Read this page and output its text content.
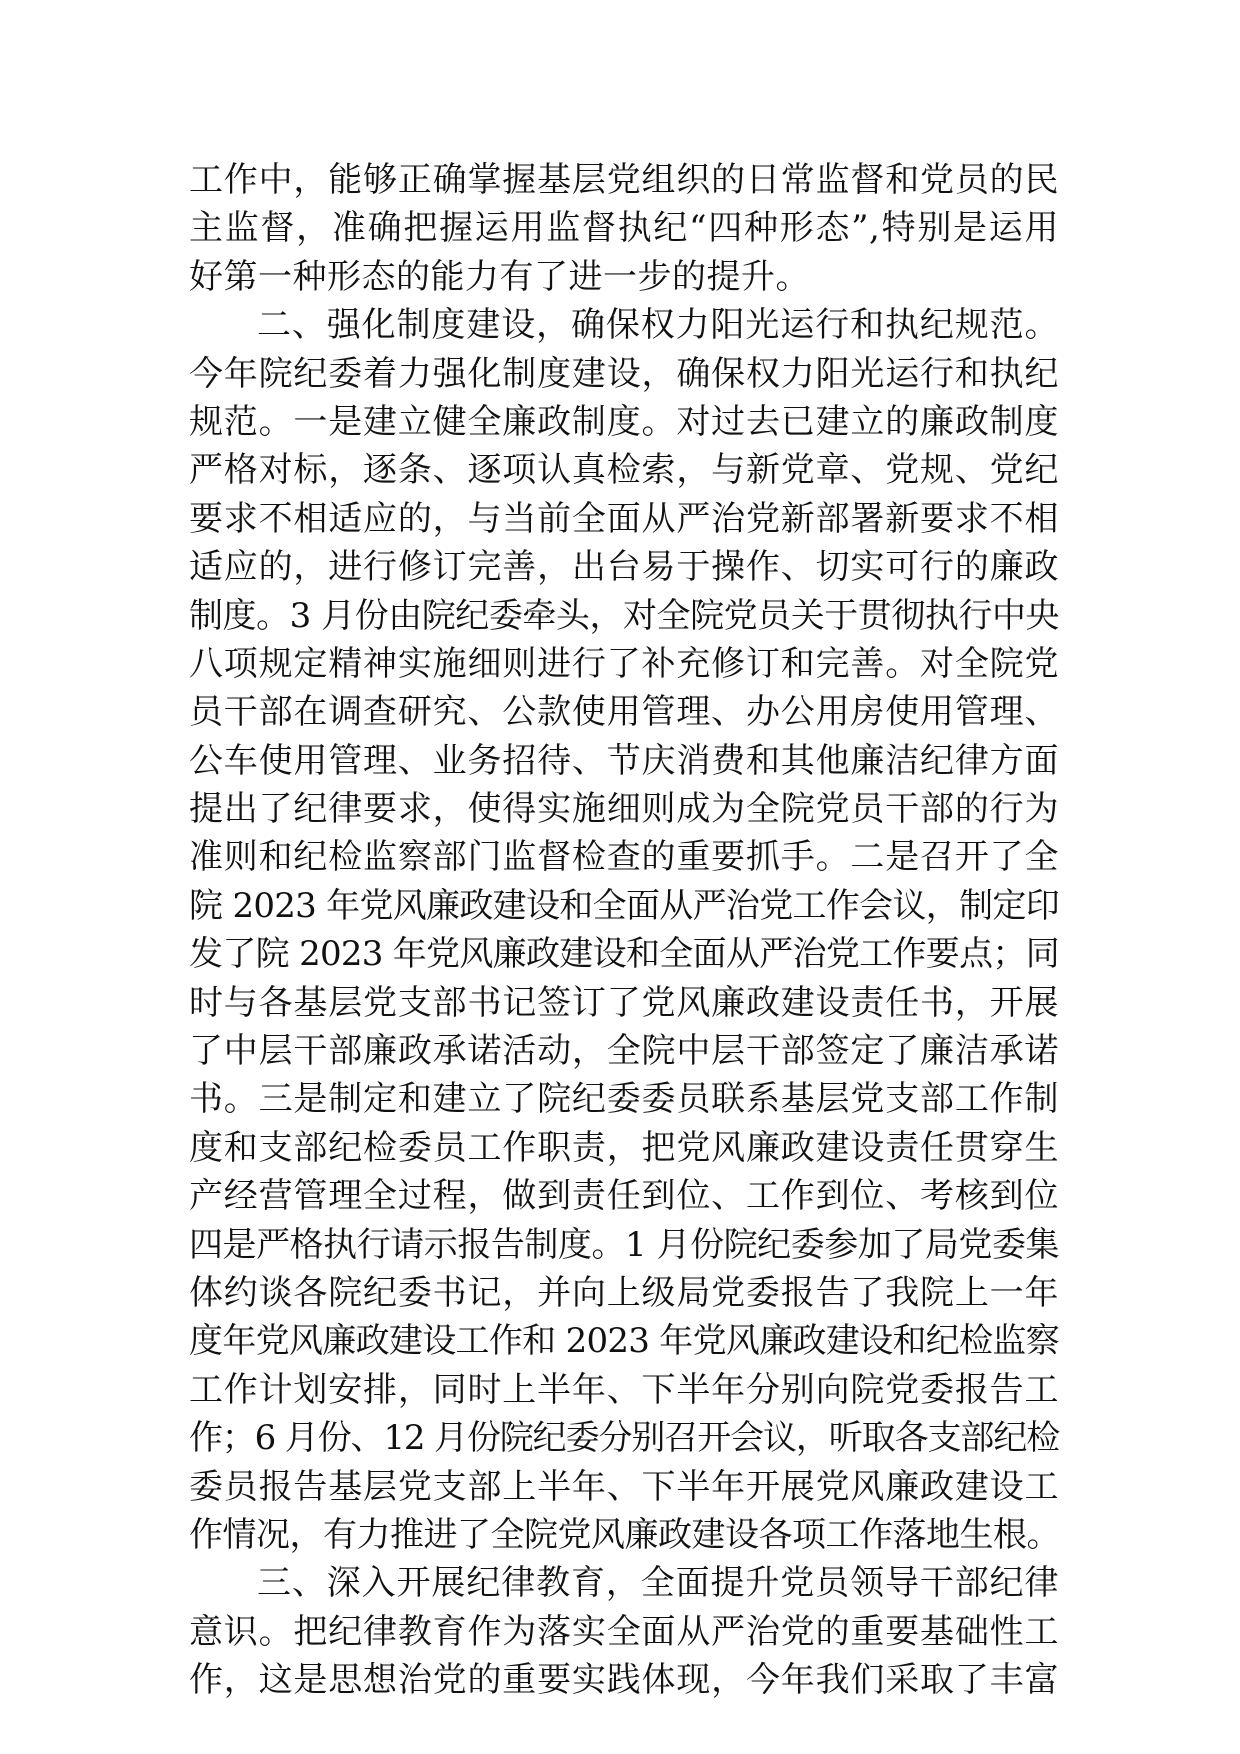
工作中，能够正确掌握基层党组织的日常监督和党员的民
主监督，准确把握运用监督执纪“四种形态”,特别是运用
好第一种形态的能力有了进一步的提升。
二、强化制度建设，确保权力阳光运行和执纪规范。
今年院纪委着力强化制度建设，确保权力阳光运行和执纪
规范。一是建立健全廉政制度。对过去已建立的廉政制度
严格对标，逐条、逐项认真检索，与新党章、党规、党纪
要求不相适应的，与当前全面从严治党新部署新要求不相
适应的，进行修订完善，出台易于操作、切实可行的廉政
制度。3 月份由院纪委牵头，对全院党员关于贯彻执行中央
八项规定精神实施细则进行了补充修订和完善。对全院党
员干部在调查研究、公款使用管理、办公用房使用管理、
公车使用管理、业务招待、节庆消费和其他廉洁纪律方面
提出了纪律要求，使得实施细则成为全院党员干部的行为
准则和纪检监察部门监督检查的重要抓手。二是召开了全
院 2023 年党风廉政建设和全面从严治党工作会议，制定印
发了院 2023 年党风廉政建设和全面从严治党工作要点；同
时与各基层党支部书记签订了党风廉政建设责任书，开展
了中层干部廉政承诺活动，全院中层干部签定了廉洁承诺
书。三是制定和建立了院纪委委员联系基层党支部工作制
度和支部纪检委员工作职责，把党风廉政建设责任贯穿生
产经营管理全过程，做到责任到位、工作到位、考核到位
四是严格执行请示报告制度。1 月份院纪委参加了局党委集
体约谈各院纪委书记，并向上级局党委报告了我院上一年
度年党风廉政建设工作和 2023 年党风廉政建设和纪检监察
工作计划安排，同时上半年、下半年分别向院党委报告工
作；6 月份、12 月份院纪委分别召开会议，听取各支部纪检
委员报告基层党支部上半年、下半年开展党风廉政建设工
作情况，有力推进了全院党风廉政建设各项工作落地生根。
三、深入开展纪律教育，全面提升党员领导干部纪律
意识。把纪律教育作为落实全面从严治党的重要基础性工
作，这是思想治党的重要实践体现，今年我们采取了丰富
